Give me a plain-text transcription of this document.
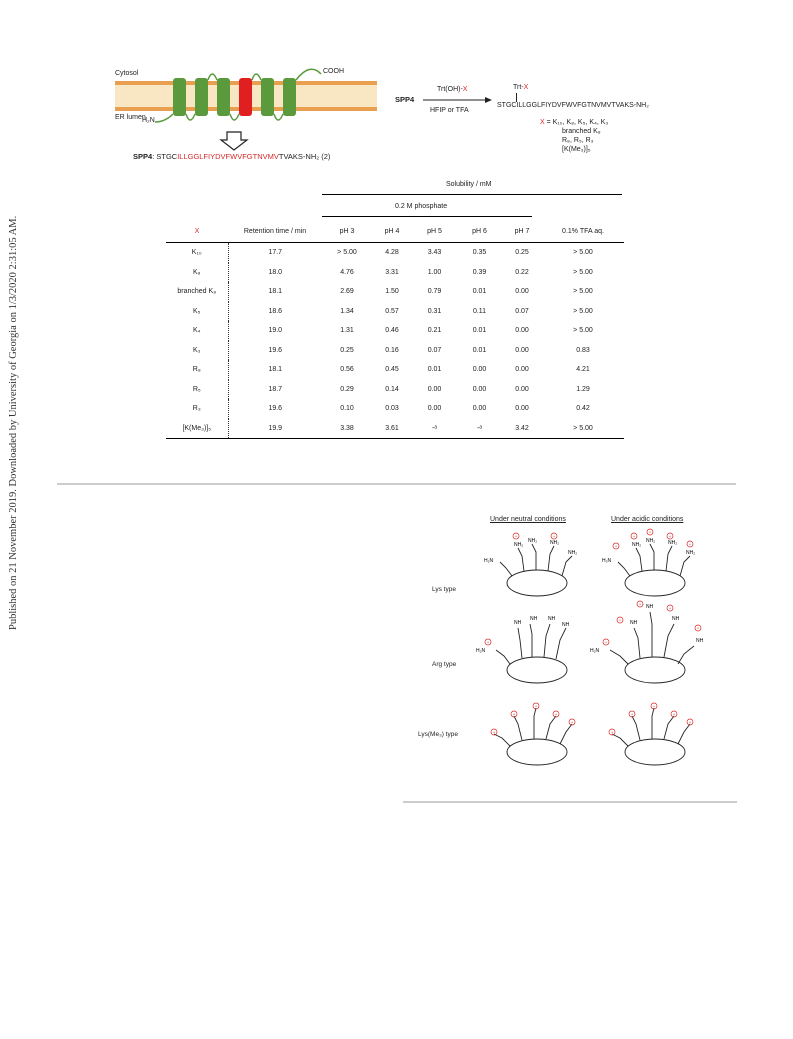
Published on 21 November 2019. Downloaded by University of Georgia on 1/3/2020 2:31:05 AM.
Cytosol
ER lumen
H₂N
COOH
SPP4: STGCILLGGLFIYDVFWVFGTNVMVTVAKS-NH₂ (2)
SPP4
Trt(OH)-X
HFIP or TFA
Trt-X
STGCILLGGLFIYDVFWVFGTNVMVTVAKS-NH₂
X = K₁₀, K₈, K₅, K₄, K₃
branched K₈
R₈, R₅, R₃
[K(Me₃)]₅
Solubility / mM
0.2 M phosphate
X	Retention time / min	pH 3	pH 4	pH 5	pH 6	pH 7	0.1% TFA aq.
K₁₀	17.7	> 5.00	4.28	3.43	0.35	0.25	> 5.00
K₈	18.0	4.76	3.31	1.00	0.39	0.22	> 5.00
branched K₈	18.1	2.69	1.50	0.79	0.01	0.00	> 5.00
K₅	18.6	1.34	0.57	0.31	0.11	0.07	> 5.00
K₄	19.0	1.31	0.46	0.21	0.01	0.00	> 5.00
K₃	19.6	0.25	0.16	0.07	0.01	0.00	0.83
R₈	18.1	0.56	0.45	0.01	0.00	0.00	4.21
R₅	18.7	0.29	0.14	0.00	0.00	0.00	1.29
R₃	19.6	0.10	0.03	0.00	0.00	0.00	0.42
[K(Me₃)]₅	19.9	3.38	3.61	-ᵃ	-ᵃ	3.42	> 5.00
Under neutral conditions	Under acidic conditions
Lys type
Arg type
Lys(Me₃) type
H₂N
NH₂
NH₂	NH₂
NH₂
H₂N
NH₂
NH₂	NH₂
NH₂
H₂N
NH
NH NH
NH
H₂N
NH
NH
NH
NH
+	+
+
+
+
+
+
+	+
+
+
+
+
+
+
+
+
+
+
+
+
+
+
